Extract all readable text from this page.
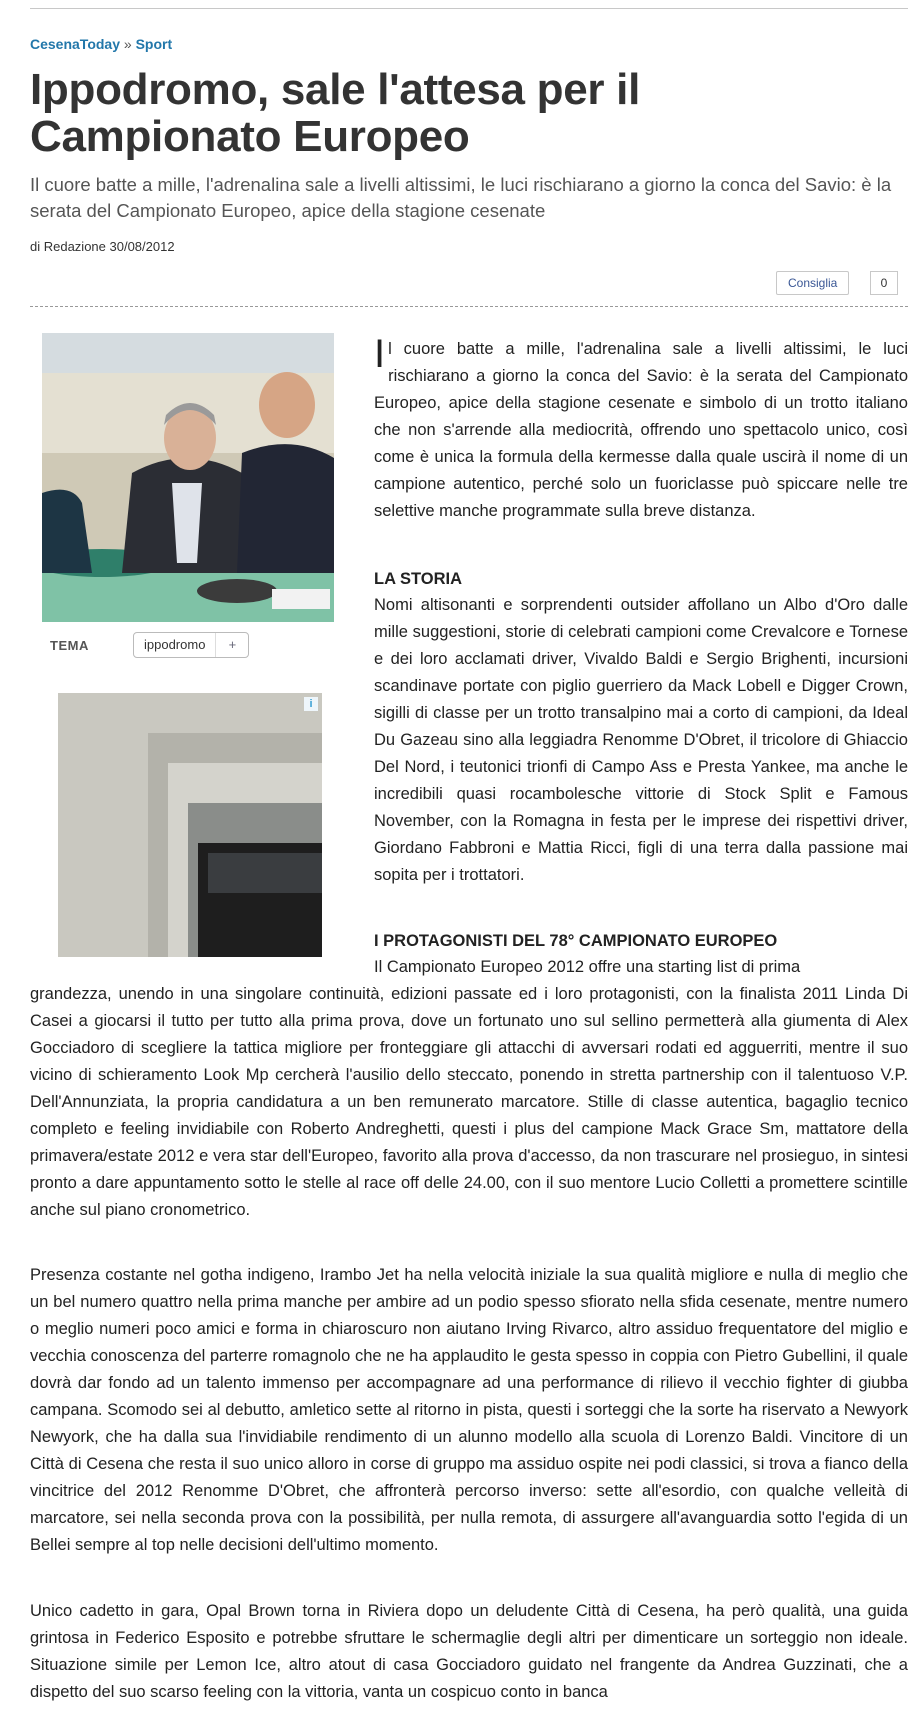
CesenaToday » Sport
Ippodromo, sale l'attesa per il Campionato Europeo

Il cuore batte a mille, l'adrenalina sale a livelli altissimi, le luci rischiarano a giorno la conca del Savio: è la serata del Campionato Europeo, apice della stagione cesenate

di Redazione 30/08/2012
Consiglia	0
TEMA	ippodromo	+
i
Il cuore batte a mille, l'adrenalina sale a livelli altissimi, le luci rischiarano a giorno la conca del Savio: è la serata del Campionato Europeo, apice della stagione cesenate e simbolo di un trotto italiano che non s'arrende alla mediocrità, offrendo uno spettacolo unico, così come è unica la formula della kermesse dalla quale uscirà il nome di un campione autentico, perché solo un fuoriclasse può spiccare nelle tre selettive manche programmate sulla breve distanza.
LA STORIA

Nomi altisonanti e sorprendenti outsider affollano un Albo d'Oro dalle mille suggestioni, storie di celebrati campioni come Crevalcore e Tornese e dei loro acclamati driver, Vivaldo Baldi e Sergio Brighenti, incursioni scandinave portate con piglio guerriero da Mack Lobell e Digger Crown, sigilli di classe per un trotto transalpino mai a corto di campioni, da Ideal Du Gazeau sino alla leggiadra Renomme D'Obret, il tricolore di Ghiaccio Del Nord, i teutonici trionfi di Campo Ass e Presta Yankee, ma anche le incredibili quasi rocambolesche vittorie di Stock Split e Famous November, con la Romagna in festa per le imprese dei rispettivi driver, Giordano Fabbroni e Mattia Ricci, figli di una terra dalla passione mai sopita per i trottatori.

I PROTAGONISTI DEL 78° CAMPIONATO EUROPEO

Il Campionato Europeo 2012 offre una starting list di prima

grandezza, unendo in una singolare continuità, edizioni passate ed i loro protagonisti, con la finalista 2011 Linda Di Casei a giocarsi il tutto per tutto alla prima prova, dove un fortunato uno sul sellino permetterà alla giumenta di Alex Gocciadoro di scegliere la tattica migliore per fronteggiare gli attacchi di avversari rodati ed agguerriti, mentre il suo vicino di schieramento Look Mp cercherà l'ausilio dello steccato, ponendo in stretta partnership con il talentuoso V.P. Dell'Annunziata, la propria candidatura a un ben remunerato marcatore. Stille di classe autentica, bagaglio tecnico completo e feeling invidiabile con Roberto Andreghetti, questi i plus del campione Mack Grace Sm, mattatore della primavera/estate 2012 e vera star dell'Europeo, favorito alla prova d'accesso, da non trascurare nel prosieguo, in sintesi pronto a dare appuntamento sotto le stelle al race off delle 24.00, con il suo mentore Lucio Colletti a promettere scintille anche sul piano cronometrico.

Presenza costante nel gotha indigeno, Irambo Jet ha nella velocità iniziale la sua qualità migliore e nulla di meglio che un bel numero quattro nella prima manche per ambire ad un podio spesso sfiorato nella sfida cesenate, mentre numero o meglio numeri poco amici e forma in chiaroscuro non aiutano Irving Rivarco, altro assiduo frequentatore del miglio e vecchia conoscenza del parterre romagnolo che ne ha applaudito le gesta spesso in coppia con Pietro Gubellini, il quale dovrà dar fondo ad un talento immenso per accompagnare ad una performance di rilievo il vecchio fighter di giubba campana. Scomodo sei al debutto, amletico sette al ritorno in pista, questi i sorteggi che la sorte ha riservato a Newyork Newyork, che ha dalla sua l'invidiabile rendimento di un alunno modello alla scuola di Lorenzo Baldi. Vincitore di un Città di Cesena che resta il suo unico alloro in corse di gruppo ma assiduo ospite nei podi classici, si trova a fianco della vincitrice del 2012 Renomme D'Obret, che affronterà percorso inverso: sette all'esordio, con qualche velleità di marcatore, sei nella seconda prova con la possibilità, per nulla remota, di assurgere all'avanguardia sotto l'egida di un Bellei sempre al top nelle decisioni dell'ultimo momento.

Unico cadetto in gara, Opal Brown torna in Riviera dopo un deludente Città di Cesena, ha però qualità, una guida grintosa in Federico Esposito e potrebbe sfruttare le schermaglie degli altri per dimenticare un sorteggio non ideale. Situazione simile per Lemon Ice, altro atout di casa Gocciadoro guidato nel frangente da Andrea Guzzinati, che a dispetto del suo scarso feeling con la vittoria, vanta un cospicuo conto in banca
